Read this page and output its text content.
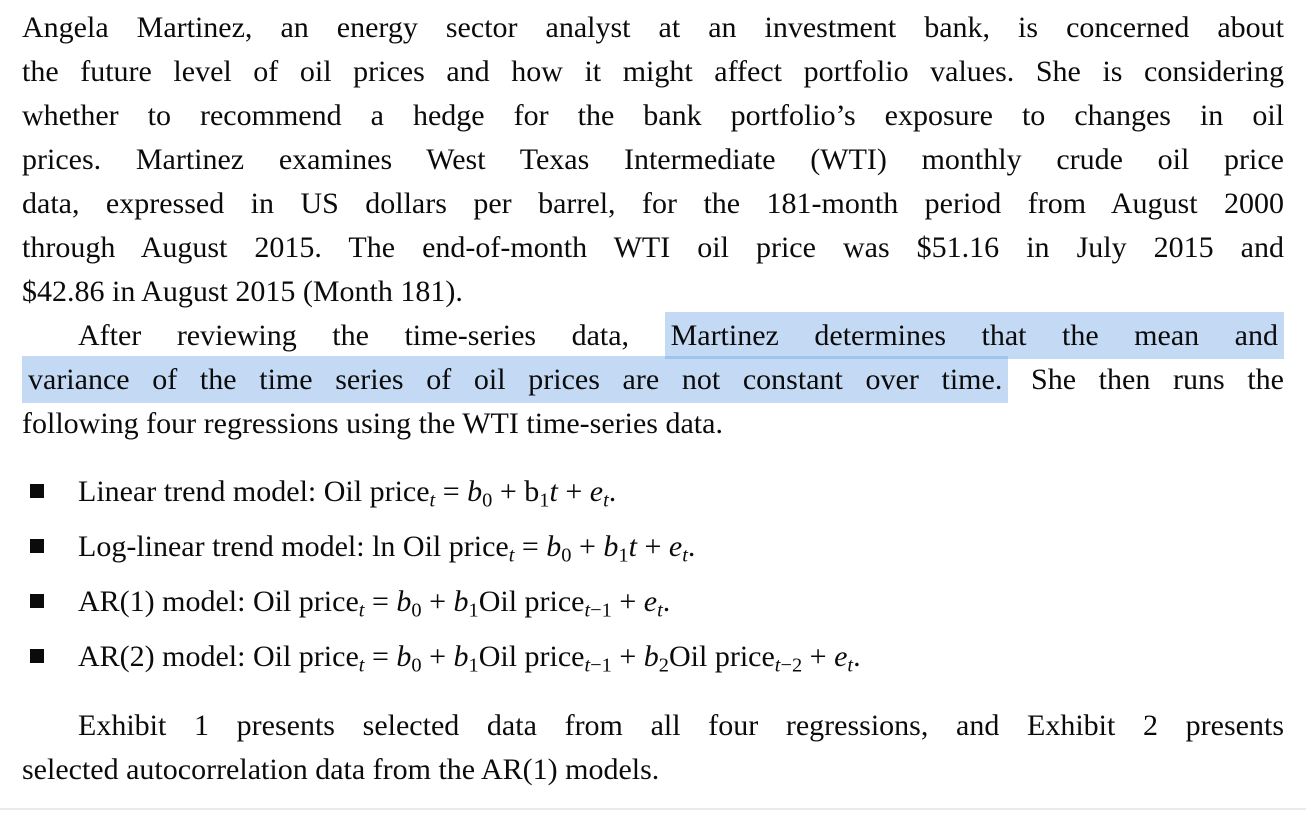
Angela Martinez, an energy sector analyst at an investment bank, is concerned about
the future level of oil prices and how it might affect portfolio values. She is considering
whether to recommend a hedge for the bank portfolio’s exposure to changes in oil
prices. Martinez examines West Texas Intermediate (WTI) monthly crude oil price
data, expressed in US dollars per barrel, for the 181-month period from August 2000
through August 2015. The end-of-month WTI oil price was $51.16 in July 2015 and
$42.86 in August 2015 (Month 181).
After reviewing the time-series data, Martinez determines that the mean and
variance of the time series of oil prices are not constant over time. She then runs the
following four regressions using the WTI time-series data.
Linear trend model: Oil pricet = b0 + b1t + et.
Log-linear trend model: ln Oil pricet = b0 + b1t + et.
AR(1) model: Oil pricet = b0 + b1Oil pricet−1 + et.
AR(2) model: Oil pricet = b0 + b1Oil pricet−1 + b2Oil pricet−2 + et.
Exhibit 1 presents selected data from all four regressions, and Exhibit 2 presents
selected autocorrelation data from the AR(1) models.
